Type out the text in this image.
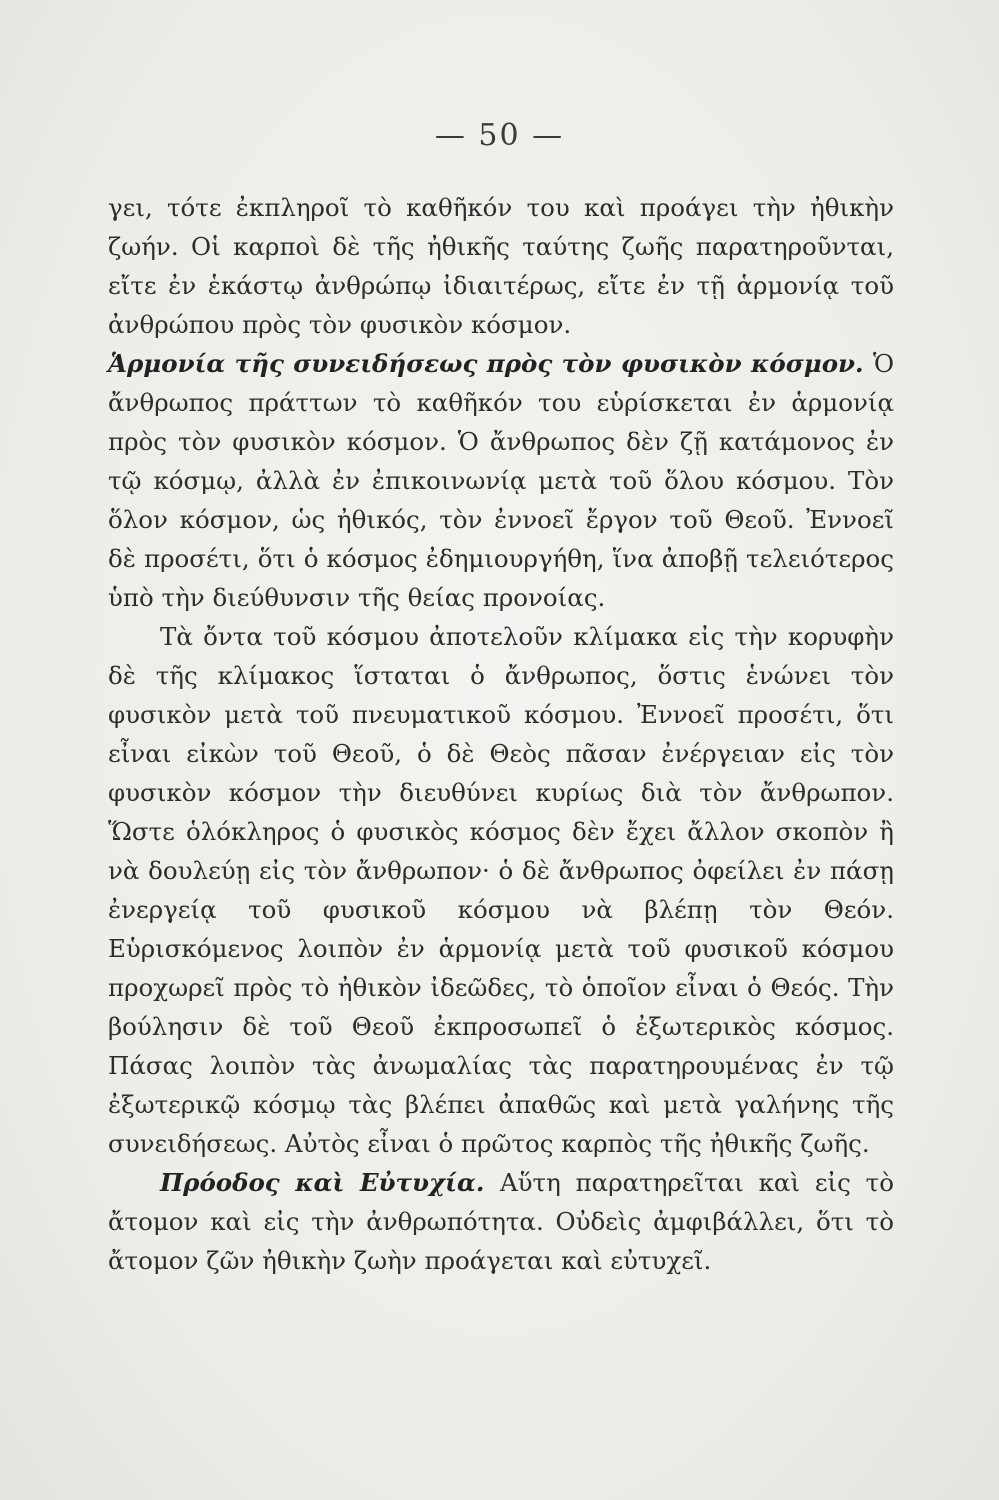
— 50 —

γει, τότε ἐκπληροῖ τὸ καθῆκόν του καὶ προάγει τὴν ἠθικὴν ζωήν. Οἱ καρποὶ δὲ τῆς ἠθικῆς ταύτης ζωῆς παρατηροῦνται, εἴτε ἐν ἑκάστῳ ἀνθρώπῳ ἰδιαιτέρως, εἴτε ἐν τῇ ἁρμονίᾳ τοῦ ἀνθρώπου πρὸς τὸν φυσικὸν κόσμον.

Ἁρμονία τῆς συνειδήσεως πρὸς τὸν φυσικὸν κόσμον. Ὁ ἄνθρωπος πράττων τὸ καθῆκόν του εὑρίσκεται ἐν ἁρμονίᾳ πρὸς τὸν φυσικὸν κόσμον. Ὁ ἄνθρωπος δὲν ζῇ κατάμονος ἐν τῷ κόσμῳ, ἀλλὰ ἐν ἐπικοινωνίᾳ μετὰ τοῦ ὅλου κόσμου. Τὸν ὅλον κόσμον, ὡς ἠθικός, τὸν ἐννοεῖ ἔργον τοῦ Θεοῦ. Ἐννοεῖ δὲ προσέτι, ὅτι ὁ κόσμος ἐδημιουργήθη, ἵνα ἀποβῇ τελειότερος ὑπὸ τὴν διεύθυνσιν τῆς θείας προνοίας.

Τὰ ὄντα τοῦ κόσμου ἀποτελοῦν κλίμακα εἰς τὴν κορυφὴν δὲ τῆς κλίμακος ἵσταται ὁ ἄνθρωπος, ὅστις ἑνώνει τὸν φυσικὸν μετὰ τοῦ πνευματικοῦ κόσμου. Ἐννοεῖ προσέτι, ὅτι εἶναι εἰκὼν τοῦ Θεοῦ, ὁ δὲ Θεὸς πᾶσαν ἐνέργειαν εἰς τὸν φυσικὸν κόσμον τὴν διευθύνει κυρίως διὰ τὸν ἄνθρωπον. Ὥστε ὁλόκληρος ὁ φυσικὸς κόσμος δὲν ἔχει ἄλλον σκοπὸν ἢ νὰ δουλεύῃ εἰς τὸν ἄνθρωπον· ὁ δὲ ἄνθρωπος ὀφείλει ἐν πάσῃ ἐνεργείᾳ τοῦ φυσικοῦ κόσμου νὰ βλέπῃ τὸν Θεόν. Εὑρισκόμενος λοιπὸν ἐν ἁρμονίᾳ μετὰ τοῦ φυσικοῦ κόσμου προχωρεῖ πρὸς τὸ ἠθικὸν ἰδεῶδες, τὸ ὁποῖον εἶναι ὁ Θεός. Τὴν βούλησιν δὲ τοῦ Θεοῦ ἐκπροσωπεῖ ὁ ἐξωτερικὸς κόσμος. Πάσας λοιπὸν τὰς ἀνωμαλίας τὰς παρατηρουμένας ἐν τῷ ἐξωτερικῷ κόσμῳ τὰς βλέπει ἀπαθῶς καὶ μετὰ γαλήνης τῆς συνειδήσεως. Αὐτὸς εἶναι ὁ πρῶτος καρπὸς τῆς ἠθικῆς ζωῆς.

Πρόοδος καὶ Εὐτυχία. Αὕτη παρατηρεῖται καὶ εἰς τὸ ἄτομον καὶ εἰς τὴν ἀνθρωπότητα. Οὐδεὶς ἀμφιβάλλει, ὅτι τὸ ἄτομον ζῶν ἠθικὴν ζωὴν προάγεται καὶ εὐτυχεῖ.
